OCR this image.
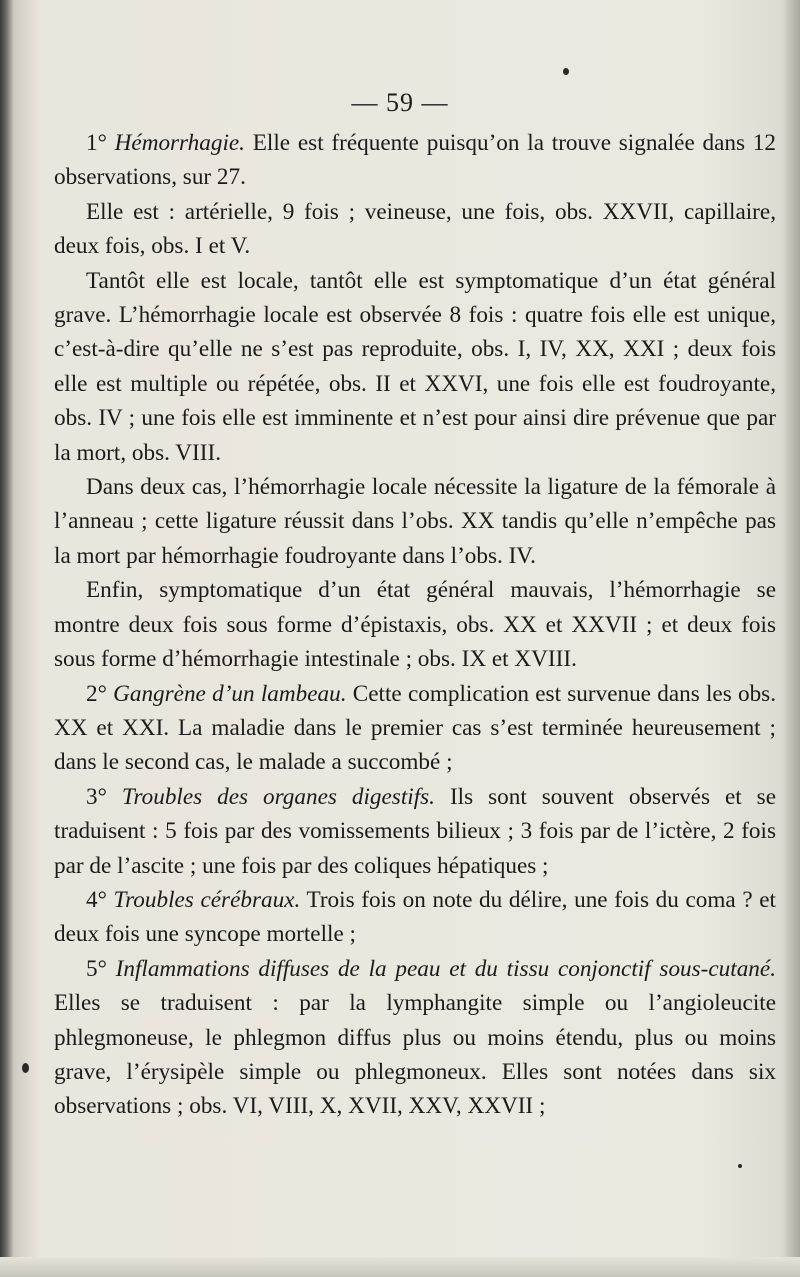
— 59 —

1° Hémorrhagie. Elle est fréquente puisqu’on la trouve signalée dans 12 observations, sur 27.

Elle est : artérielle, 9 fois ; veineuse, une fois, obs. XXVII, capillaire, deux fois, obs. I et V.

Tantôt elle est locale, tantôt elle est symptomatique d’un état général grave. L’hémorrhagie locale est observée 8 fois : quatre fois elle est unique, c’est-à-dire qu’elle ne s’est pas reproduite, obs. I, IV, XX, XXI ; deux fois elle est multiple ou répétée, obs. II et XXVI, une fois elle est foudroyante, obs. IV ; une fois elle est imminente et n’est pour ainsi dire prévenue que par la mort, obs. VIII.

Dans deux cas, l’hémorrhagie locale nécessite la ligature de la fémorale à l’anneau ; cette ligature réussit dans l’obs. XX tandis qu’elle n’empêche pas la mort par hémorrhagie foudroyante dans l’obs. IV.

Enfin, symptomatique d’un état général mauvais, l’hémorrhagie se montre deux fois sous forme d’épistaxis, obs. XX et XXVII ; et deux fois sous forme d’hémorrhagie intestinale ; obs. IX et XVIII.

2° Gangrène d’un lambeau. Cette complication est survenue dans les obs. XX et XXI. La maladie dans le premier cas s’est terminée heureusement ; dans le second cas, le malade a succombé ;

3° Troubles des organes digestifs. Ils sont souvent observés et se traduisent : 5 fois par des vomissements bilieux ; 3 fois par de l’ictère, 2 fois par de l’ascite ; une fois par des coliques hépatiques ;

4° Troubles cérébraux. Trois fois on note du délire, une fois du coma ? et deux fois une syncope mortelle ;

5° Inflammations diffuses de la peau et du tissu conjonctif sous-cutané. Elles se traduisent : par la lymphangite simple ou l’angioleucite phlegmoneuse, le phlegmon diffus plus ou moins étendu, plus ou moins grave, l’érysipèle simple ou phlegmoneux. Elles sont notées dans six observations ; obs. VI, VIII, X, XVII, XXV, XXVII ;
